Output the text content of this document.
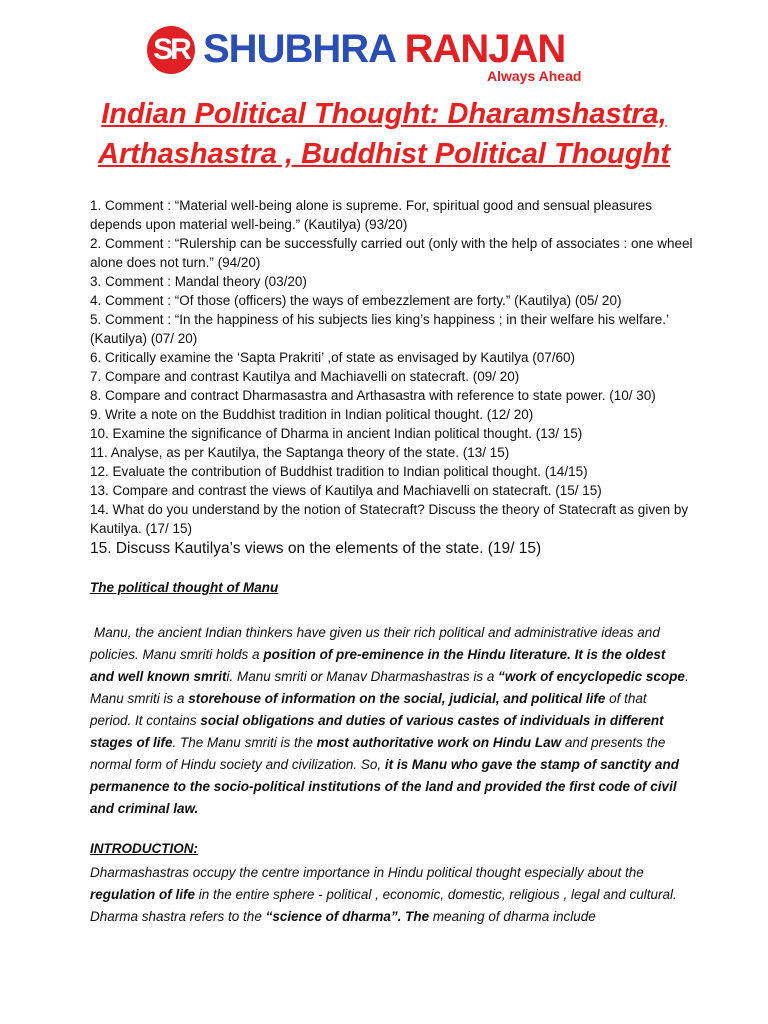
SR SHUBHRA RANJAN
Always Ahead
Indian Political Thought: Dharamshastra,
Arthashastra , Buddhist Political Thought
1. Comment : “Material well-being alone is supreme. For, spiritual good and sensual pleasures depends upon material well-being.” (Kautilya) (93/20)
2. Comment : “Rulership can be successfully carried out (only with the help of associates : one wheel alone does not turn.” (94/20)
3. Comment : Mandal theory (03/20)
4. Comment : “Of those (officers) the ways of embezzlement are forty.” (Kautilya) (05/ 20)
5. Comment : “In the happiness of his subjects lies king’s happiness ; in their welfare his welfare.’ (Kautilya) (07/ 20)
6. Critically examine the ‘Sapta Prakriti’ ,of state as envisaged by Kautilya (07/60)
7. Compare and contrast Kautilya and Machiavelli on statecraft. (09/ 20)
8. Compare and contract Dharmasastra and Arthasastra with reference to state power. (10/ 30)
9. Write a note on the Buddhist tradition in Indian political thought. (12/ 20)
10. Examine the significance of Dharma in ancient Indian political thought. (13/ 15)
11. Analyse, as per Kautilya, the Saptanga theory of the state. (13/ 15)
12. Evaluate the contribution of Buddhist tradition to Indian political thought. (14/15)
13. Compare and contrast the views of Kautilya and Machiavelli on statecraft. (15/ 15)
14. What do you understand by the notion of Statecraft? Discuss the theory of Statecraft as given by Kautilya. (17/ 15)
15. Discuss Kautilya’s views on the elements of the state. (19/ 15)

The political thought of Manu

Manu, the ancient Indian thinkers have given us their rich political and administrative ideas and policies. Manu smriti holds a position of pre-eminence in the Hindu literature. It is the oldest and well known smriti. Manu smriti or Manav Dharmashastras is a “work of encyclopedic scope. Manu smriti is a storehouse of information on the social, judicial, and political life of that period. It contains social obligations and duties of various castes of individuals in different stages of life. The Manu smriti is the most authoritative work on Hindu Law and presents the normal form of Hindu society and civilization. So, it is Manu who gave the stamp of sanctity and permanence to the socio-political institutions of the land and provided the first code of civil and criminal law.

INTRODUCTION:

Dharmashastras occupy the centre importance in Hindu political thought especially about the regulation of life in the entire sphere - political , economic, domestic, religious , legal and cultural. Dharma shastra refers to the “science of dharma”. The meaning of dharma include
